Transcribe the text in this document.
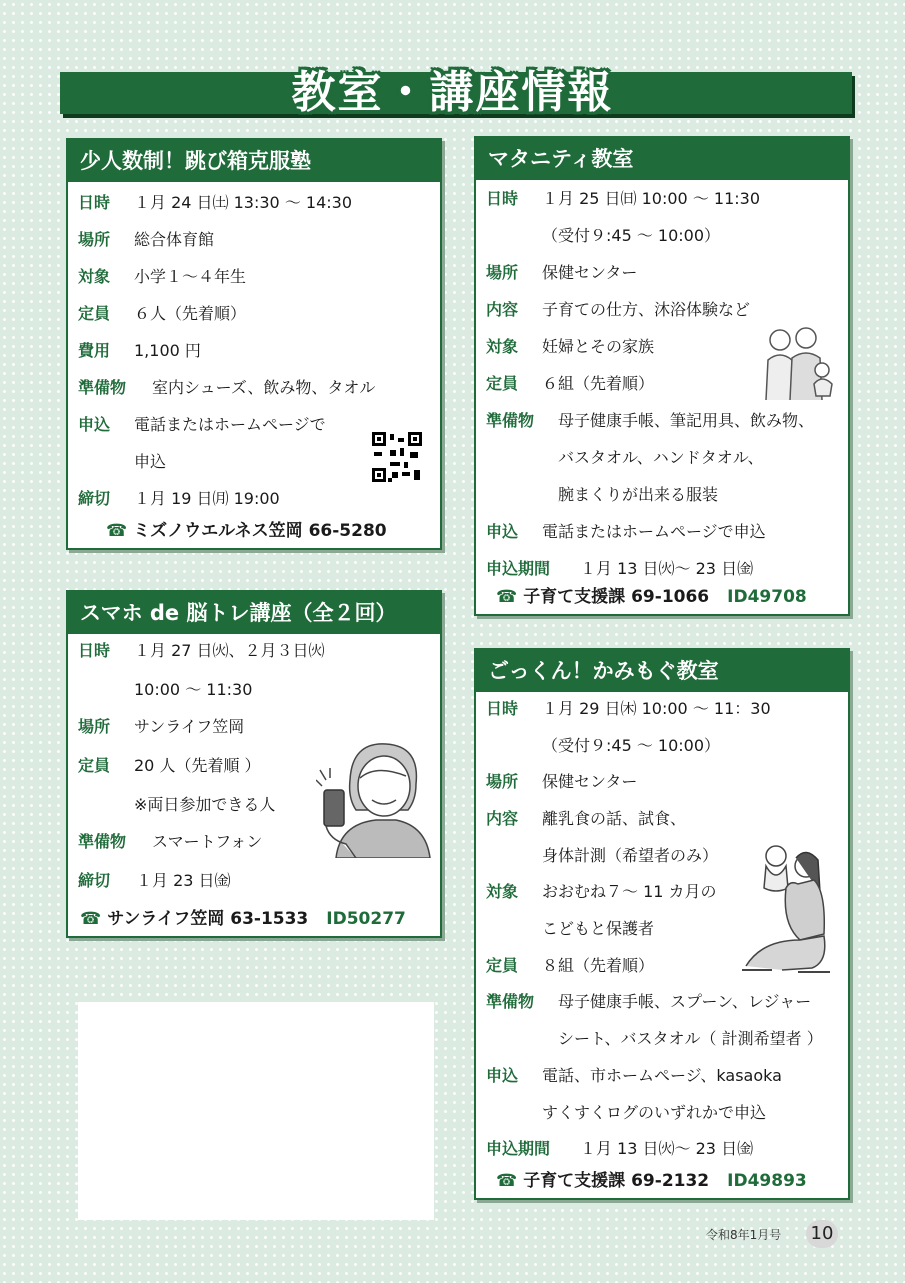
教室・講座情報
少人数制！跳び箱克服塾
日時 １月 24 日㈯ 13:30 ～ 14:30
場所 総合体育館
対象 小学１～４年生
定員 ６人（先着順）
費用 1,100 円
準備物 室内シューズ、飲み物、タオル
申込 電話またはホームページで
申込
締切 １月 19 日㈪ 19:00
☎ ミズノウエルネス笠岡 66-5280
マタニティ教室
日時 １月 25 日㈰ 10:00 ～ 11:30
（受付９:45 ～ 10:00）
場所 保健センター
内容 子育ての仕方、沐浴体験など
対象 妊婦とその家族
定員 ６組（先着順）
準備物 母子健康手帳、筆記用具、飲み物、
バスタオル、ハンドタオル、
腕まくりが出来る服装
申込 電話またはホームページで申込
申込期間 １月 13 日㈫～ 23 日㈮
☎ 子育て支援課 69-1066 ID49708
スマホ de 脳トレ講座（全２回）
日時 １月 27 日㈫、２月３日㈫
10:00 ～ 11:30
場所 サンライフ笠岡
定員 20 人（先着順 ）
※両日参加できる人
準備物 スマートフォン
締切 １月 23 日㈮
☎ サンライフ笠岡 63-1533 ID50277
ごっくん！かみもぐ教室
日時 １月 29 日㈭ 10:00 ～ 11：30
（受付９:45 ～ 10:00）
場所 保健センター
内容 離乳食の話、試食、
身体計測（希望者のみ）
対象 おおむね７～ 11 カ月の
こどもと保護者
定員 ８組（先着順）
準備物 母子健康手帳、スプーン、レジャー
シート、バスタオル（ 計測希望者 ）
申込 電話、市ホームページ、kasaoka
すくすくログのいずれかで申込
申込期間 １月 13 日㈫～ 23 日㈮
☎ 子育て支援課 69-2132 ID49893
令和8年1月号 10
